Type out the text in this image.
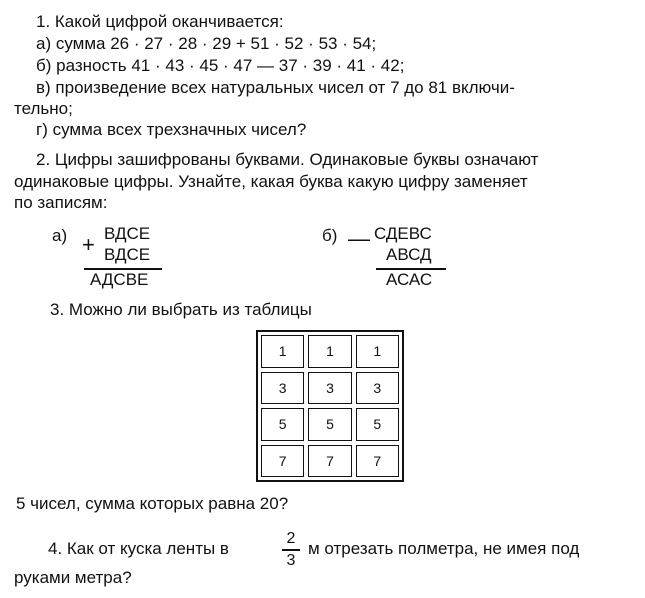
1. Какой цифрой оканчивается:
а) сумма 26 · 27 · 28 · 29 + 51 · 52 · 53 · 54;
б) разность 41 · 43 · 45 · 47 — 37 · 39 · 41 · 42;
в) произведение всех натуральных чисел от 7 до 81 включи-
тельно;
г) сумма всех трехзначных чисел?
2. Цифры зашифрованы буквами. Одинаковые буквы означают
одинаковые цифры. Узнайте, какая буква какую цифру заменяет
по записям:
а) + ВДСЕ
ВДСЕ
АДСВЕ
б) — СДЕВС
АВСД
АСАС
3. Можно ли выбрать из таблицы
1	1	1
3	3	3
5	5	5
7	7	7
5 чисел, сумма которых равна 20?
4. Как от куска ленты в
2
3
м отрезать полметра, не имея под
руками метра?
